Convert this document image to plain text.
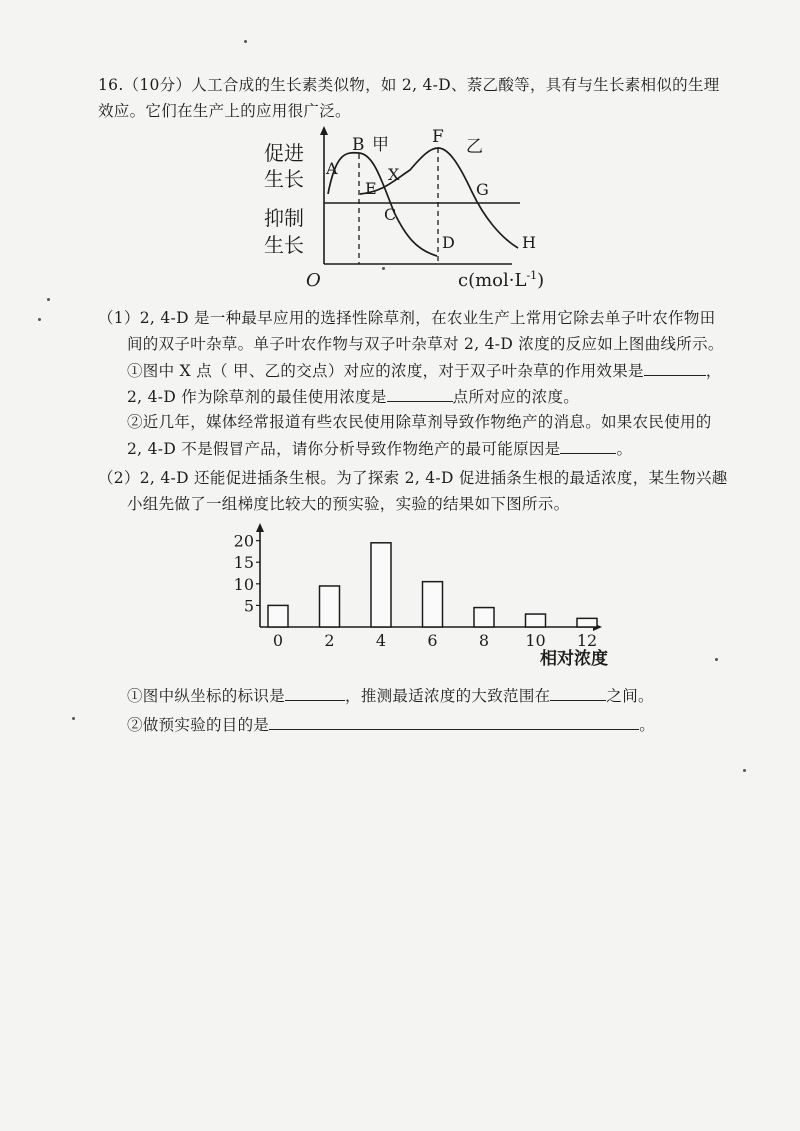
16.（10分）人工合成的生长素类似物，如 2, 4-D、萘乙酸等，具有与生长素相似的生理
效应。它们在生产上的应用很广泛。
促进
生长
抑制
生长
O	$c(mol\cdot L^{-1})$
A
B 甲	F 乙
E
X
G
C
D	H
（1）2, 4-D 是一种最早应用的选择性除草剂，在农业生产上常用它除去单子叶农作物田
间的双子叶杂草。单子叶农作物与双子叶杂草对 2, 4-D 浓度的反应如上图曲线所示。
①图中 X 点（ 甲、乙的交点）对应的浓度，对于双子叶杂草的作用效果是	，
2, 4-D 作为除草剂的最佳使用浓度是	点所对应的浓度。
②近几年，媒体经常报道有些农民使用除草剂导致作物绝产的消息。如果农民使用的
2, 4-D 不是假冒产品，请你分析导致作物绝产的最可能原因是	。
（2）2, 4-D 还能促进插条生根。为了探索 2, 4-D 促进插条生根的最适浓度，某生物兴趣
小组先做了一组梯度比较大的预实验，实验的结果如下图所示。
5
10
15
20
0	2	4	6	8 10 12
相对浓度
①图中纵坐标的标识是	，推测最适浓度的大致范围在	之间。
②做预实验的目的是	。
